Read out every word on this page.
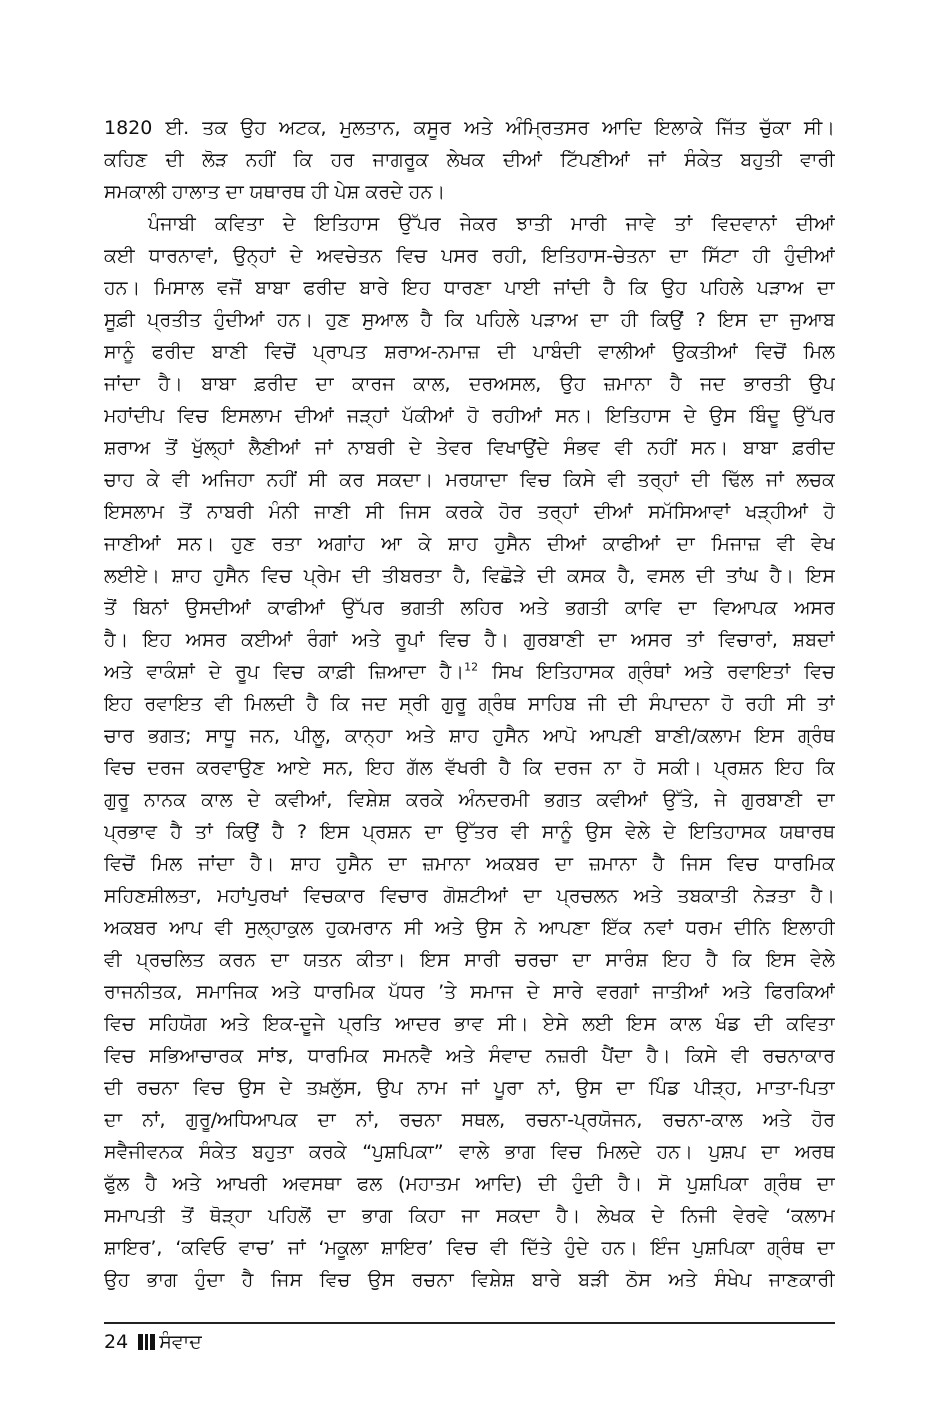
1820 ਈ. ਤਕ ਉਹ ਅਟਕ, ਮੁਲਤਾਨ, ਕਸੂਰ ਅਤੇ ਅੰਮ੍ਰਿਤਸਰ ਆਦਿ ਇਲਾਕੇ ਜਿੱਤ ਚੁੱਕਾ ਸੀ।
ਕਹਿਣ ਦੀ ਲੋੜ ਨਹੀਂ ਕਿ ਹਰ ਜਾਗਰੂਕ ਲੇਖਕ ਦੀਆਂ ਟਿੱਪਣੀਆਂ ਜਾਂ ਸੰਕੇਤ ਬਹੁਤੀ ਵਾਰੀ
ਸਮਕਾਲੀ ਹਾਲਾਤ ਦਾ ਯਥਾਰਥ ਹੀ ਪੇਸ਼ ਕਰਦੇ ਹਨ।
ਪੰਜਾਬੀ ਕਵਿਤਾ ਦੇ ਇਤਿਹਾਸ ਉੱਪਰ ਜੇਕਰ ਝਾਤੀ ਮਾਰੀ ਜਾਵੇ ਤਾਂ ਵਿਦਵਾਨਾਂ ਦੀਆਂ
ਕਈ ਧਾਰਨਾਵਾਂ, ਉਨ੍ਹਾਂ ਦੇ ਅਵਚੇਤਨ ਵਿਚ ਪਸਰ ਰਹੀ, ਇਤਿਹਾਸ-ਚੇਤਨਾ ਦਾ ਸਿੱਟਾ ਹੀ ਹੁੰਦੀਆਂ
ਹਨ। ਮਿਸਾਲ ਵਜੋਂ ਬਾਬਾ ਫਰੀਦ ਬਾਰੇ ਇਹ ਧਾਰਣਾ ਪਾਈ ਜਾਂਦੀ ਹੈ ਕਿ ਉਹ ਪਹਿਲੇ ਪੜਾਅ ਦਾ
ਸੂਫ਼ੀ ਪ੍ਰਤੀਤ ਹੁੰਦੀਆਂ ਹਨ। ਹੁਣ ਸੁਆਲ ਹੈ ਕਿ ਪਹਿਲੇ ਪੜਾਅ ਦਾ ਹੀ ਕਿਉਂ ? ਇਸ ਦਾ ਜੁਆਬ
ਸਾਨੂੰ ਫਰੀਦ ਬਾਣੀ ਵਿਚੋਂ ਪ੍ਰਾਪਤ ਸ਼ਰਾਅ-ਨਮਾਜ਼ ਦੀ ਪਾਬੰਦੀ ਵਾਲੀਆਂ ਉਕਤੀਆਂ ਵਿਚੋਂ ਮਿਲ
ਜਾਂਦਾ ਹੈ। ਬਾਬਾ ਫ਼ਰੀਦ ਦਾ ਕਾਰਜ ਕਾਲ, ਦਰਅਸਲ, ਉਹ ਜ਼ਮਾਨਾ ਹੈ ਜਦ ਭਾਰਤੀ ਉਪ
ਮਹਾਂਦੀਪ ਵਿਚ ਇਸਲਾਮ ਦੀਆਂ ਜੜ੍ਹਾਂ ਪੱਕੀਆਂ ਹੋ ਰਹੀਆਂ ਸਨ। ਇਤਿਹਾਸ ਦੇ ਉਸ ਬਿੰਦੂ ਉੱਪਰ
ਸ਼ਰਾਅ ਤੋਂ ਖੁੱਲ੍ਹਾਂ ਲੈਣੀਆਂ ਜਾਂ ਨਾਬਰੀ ਦੇ ਤੇਵਰ ਵਿਖਾਉਂਦੇ ਸੰਭਵ ਵੀ ਨਹੀਂ ਸਨ। ਬਾਬਾ ਫ਼ਰੀਦ
ਚਾਹ ਕੇ ਵੀ ਅਜਿਹਾ ਨਹੀਂ ਸੀ ਕਰ ਸਕਦਾ। ਮਰਯਾਦਾ ਵਿਚ ਕਿਸੇ ਵੀ ਤਰ੍ਹਾਂ ਦੀ ਢਿੱਲ ਜਾਂ ਲਚਕ
ਇਸਲਾਮ ਤੋਂ ਨਾਬਰੀ ਮੰਨੀ ਜਾਣੀ ਸੀ ਜਿਸ ਕਰਕੇ ਹੋਰ ਤਰ੍ਹਾਂ ਦੀਆਂ ਸਮੱਸਿਆਵਾਂ ਖੜ੍ਹੀਆਂ ਹੋ
ਜਾਣੀਆਂ ਸਨ। ਹੁਣ ਰਤਾ ਅਗਾਂਹ ਆ ਕੇ ਸ਼ਾਹ ਹੁਸੈਨ ਦੀਆਂ ਕਾਫੀਆਂ ਦਾ ਮਿਜਾਜ਼ ਵੀ ਵੇਖ
ਲਈਏ। ਸ਼ਾਹ ਹੁਸੈਨ ਵਿਚ ਪ੍ਰੇਮ ਦੀ ਤੀਬਰਤਾ ਹੈ, ਵਿਛੋੜੇ ਦੀ ਕਸਕ ਹੈ, ਵਸਲ ਦੀ ਤਾਂਘ ਹੈ। ਇਸ
ਤੋਂ ਬਿਨਾਂ ਉਸਦੀਆਂ ਕਾਫੀਆਂ ਉੱਪਰ ਭਗਤੀ ਲਹਿਰ ਅਤੇ ਭਗਤੀ ਕਾਵਿ ਦਾ ਵਿਆਪਕ ਅਸਰ
ਹੈ। ਇਹ ਅਸਰ ਕਈਆਂ ਰੰਗਾਂ ਅਤੇ ਰੂਪਾਂ ਵਿਚ ਹੈ। ਗੁਰਬਾਣੀ ਦਾ ਅਸਰ ਤਾਂ ਵਿਚਾਰਾਂ, ਸ਼ਬਦਾਂ
ਅਤੇ ਵਾਕੰਸ਼ਾਂ ਦੇ ਰੂਪ ਵਿਚ ਕਾਫ਼ੀ ਜ਼ਿਆਦਾ ਹੈ।$^{12}$ ਸਿਖ ਇਤਿਹਾਸਕ ਗ੍ਰੰਥਾਂ ਅਤੇ ਰਵਾਇਤਾਂ ਵਿਚ
ਇਹ ਰਵਾਇਤ ਵੀ ਮਿਲਦੀ ਹੈ ਕਿ ਜਦ ਸ੍ਰੀ ਗੁਰੂ ਗ੍ਰੰਥ ਸਾਹਿਬ ਜੀ ਦੀ ਸੰਪਾਦਨਾ ਹੋ ਰਹੀ ਸੀ ਤਾਂ
ਚਾਰ ਭਗਤ; ਸਾਧੂ ਜਨ, ਪੀਲੂ, ਕਾਨ੍ਹਾ ਅਤੇ ਸ਼ਾਹ ਹੁਸੈਨ ਆਪੋ ਆਪਣੀ ਬਾਣੀ/ਕਲਾਮ ਇਸ ਗ੍ਰੰਥ
ਵਿਚ ਦਰਜ ਕਰਵਾਉਣ ਆਏ ਸਨ, ਇਹ ਗੱਲ ਵੱਖਰੀ ਹੈ ਕਿ ਦਰਜ ਨਾ ਹੋ ਸਕੀ। ਪ੍ਰਸ਼ਨ ਇਹ ਕਿ
ਗੁਰੂ ਨਾਨਕ ਕਾਲ ਦੇ ਕਵੀਆਂ, ਵਿਸ਼ੇਸ਼ ਕਰਕੇ ਅੰਨਦਰਮੀ ਭਗਤ ਕਵੀਆਂ ਉੱਤੇ, ਜੇ ਗੁਰਬਾਣੀ ਦਾ
ਪ੍ਰਭਾਵ ਹੈ ਤਾਂ ਕਿਉਂ ਹੈ ? ਇਸ ਪ੍ਰਸ਼ਨ ਦਾ ਉੱਤਰ ਵੀ ਸਾਨੂੰ ਉਸ ਵੇਲੇ ਦੇ ਇਤਿਹਾਸਕ ਯਥਾਰਥ
ਵਿਚੋਂ ਮਿਲ ਜਾਂਦਾ ਹੈ। ਸ਼ਾਹ ਹੁਸੈਨ ਦਾ ਜ਼ਮਾਨਾ ਅਕਬਰ ਦਾ ਜ਼ਮਾਨਾ ਹੈ ਜਿਸ ਵਿਚ ਧਾਰਮਿਕ
ਸਹਿਣਸ਼ੀਲਤਾ, ਮਹਾਂਪੁਰਖਾਂ ਵਿਚਕਾਰ ਵਿਚਾਰ ਗੋਸ਼ਟੀਆਂ ਦਾ ਪ੍ਰਚਲਨ ਅਤੇ ਤਬਕਾਤੀ ਨੇੜਤਾ ਹੈ।
ਅਕਬਰ ਆਪ ਵੀ ਸੁਲ੍ਹਾਕੁਲ ਹੁਕਮਰਾਨ ਸੀ ਅਤੇ ਉਸ ਨੇ ਆਪਣਾ ਇੱਕ ਨਵਾਂ ਧਰਮ ਦੀਨਿ ਇਲਾਹੀ
ਵੀ ਪ੍ਰਚਲਿਤ ਕਰਨ ਦਾ ਯਤਨ ਕੀਤਾ। ਇਸ ਸਾਰੀ ਚਰਚਾ ਦਾ ਸਾਰੰਸ਼ ਇਹ ਹੈ ਕਿ ਇਸ ਵੇਲੇ
ਰਾਜਨੀਤਕ, ਸਮਾਜਿਕ ਅਤੇ ਧਾਰਮਿਕ ਪੱਧਰ ’ਤੇ ਸਮਾਜ ਦੇ ਸਾਰੇ ਵਰਗਾਂ ਜਾਤੀਆਂ ਅਤੇ ਫਿਰਕਿਆਂ
ਵਿਚ ਸਹਿਯੋਗ ਅਤੇ ਇਕ-ਦੂਜੇ ਪ੍ਰਤਿ ਆਦਰ ਭਾਵ ਸੀ। ਏਸੇ ਲਈ ਇਸ ਕਾਲ ਖੰਡ ਦੀ ਕਵਿਤਾ
ਵਿਚ ਸਭਿਆਚਾਰਕ ਸਾਂਝ, ਧਾਰਮਿਕ ਸਮਨਵੈ ਅਤੇ ਸੰਵਾਦ ਨਜ਼ਰੀ ਪੈਂਦਾ ਹੈ। ਕਿਸੇ ਵੀ ਰਚਨਾਕਾਰ
ਦੀ ਰਚਨਾ ਵਿਚ ਉਸ ਦੇ ਤਖ਼ਲੁੱਸ, ਉਪ ਨਾਮ ਜਾਂ ਪੂਰਾ ਨਾਂ, ਉਸ ਦਾ ਪਿੰਡ ਪੀੜ੍ਹ, ਮਾਤਾ-ਪਿਤਾ
ਦਾ ਨਾਂ, ਗੁਰੂ/ਅਧਿਆਪਕ ਦਾ ਨਾਂ, ਰਚਨਾ ਸਥਲ, ਰਚਨਾ-ਪ੍ਰਯੋਜਨ, ਰਚਨਾ-ਕਾਲ ਅਤੇ ਹੋਰ
ਸਵੈਜੀਵਨਕ ਸੰਕੇਤ ਬਹੁਤਾ ਕਰਕੇ “ਪੁਸ਼ਪਿਕਾ” ਵਾਲੇ ਭਾਗ ਵਿਚ ਮਿਲਦੇ ਹਨ। ਪੁਸ਼ਪ ਦਾ ਅਰਥ
ਫੁੱਲ ਹੈ ਅਤੇ ਆਖਰੀ ਅਵਸਥਾ ਫਲ (ਮਹਾਤਮ ਆਦਿ) ਦੀ ਹੁੰਦੀ ਹੈ। ਸੋ ਪੁਸ਼ਪਿਕਾ ਗ੍ਰੰਥ ਦਾ
ਸਮਾਪਤੀ ਤੋਂ ਥੋੜ੍ਹਾ ਪਹਿਲੋਂ ਦਾ ਭਾਗ ਕਿਹਾ ਜਾ ਸਕਦਾ ਹੈ। ਲੇਖਕ ਦੇ ਨਿਜੀ ਵੇਰਵੇ ‘ਕਲਾਮ
ਸ਼ਾਇਰ’, ‘ਕਵਿਓ ਵਾਚ’ ਜਾਂ ‘ਮਕੂਲਾ ਸ਼ਾਇਰ’ ਵਿਚ ਵੀ ਦਿੱਤੇ ਹੁੰਦੇ ਹਨ। ਇੰਜ ਪੁਸ਼ਪਿਕਾ ਗ੍ਰੰਥ ਦਾ
ਉਹ ਭਾਗ ਹੁੰਦਾ ਹੈ ਜਿਸ ਵਿਚ ਉਸ ਰਚਨਾ ਵਿਸ਼ੇਸ਼ ਬਾਰੇ ਬੜੀ ਠੋਸ ਅਤੇ ਸੰਖੇਪ ਜਾਣਕਾਰੀ
24 ਸੰਵਾਦ
